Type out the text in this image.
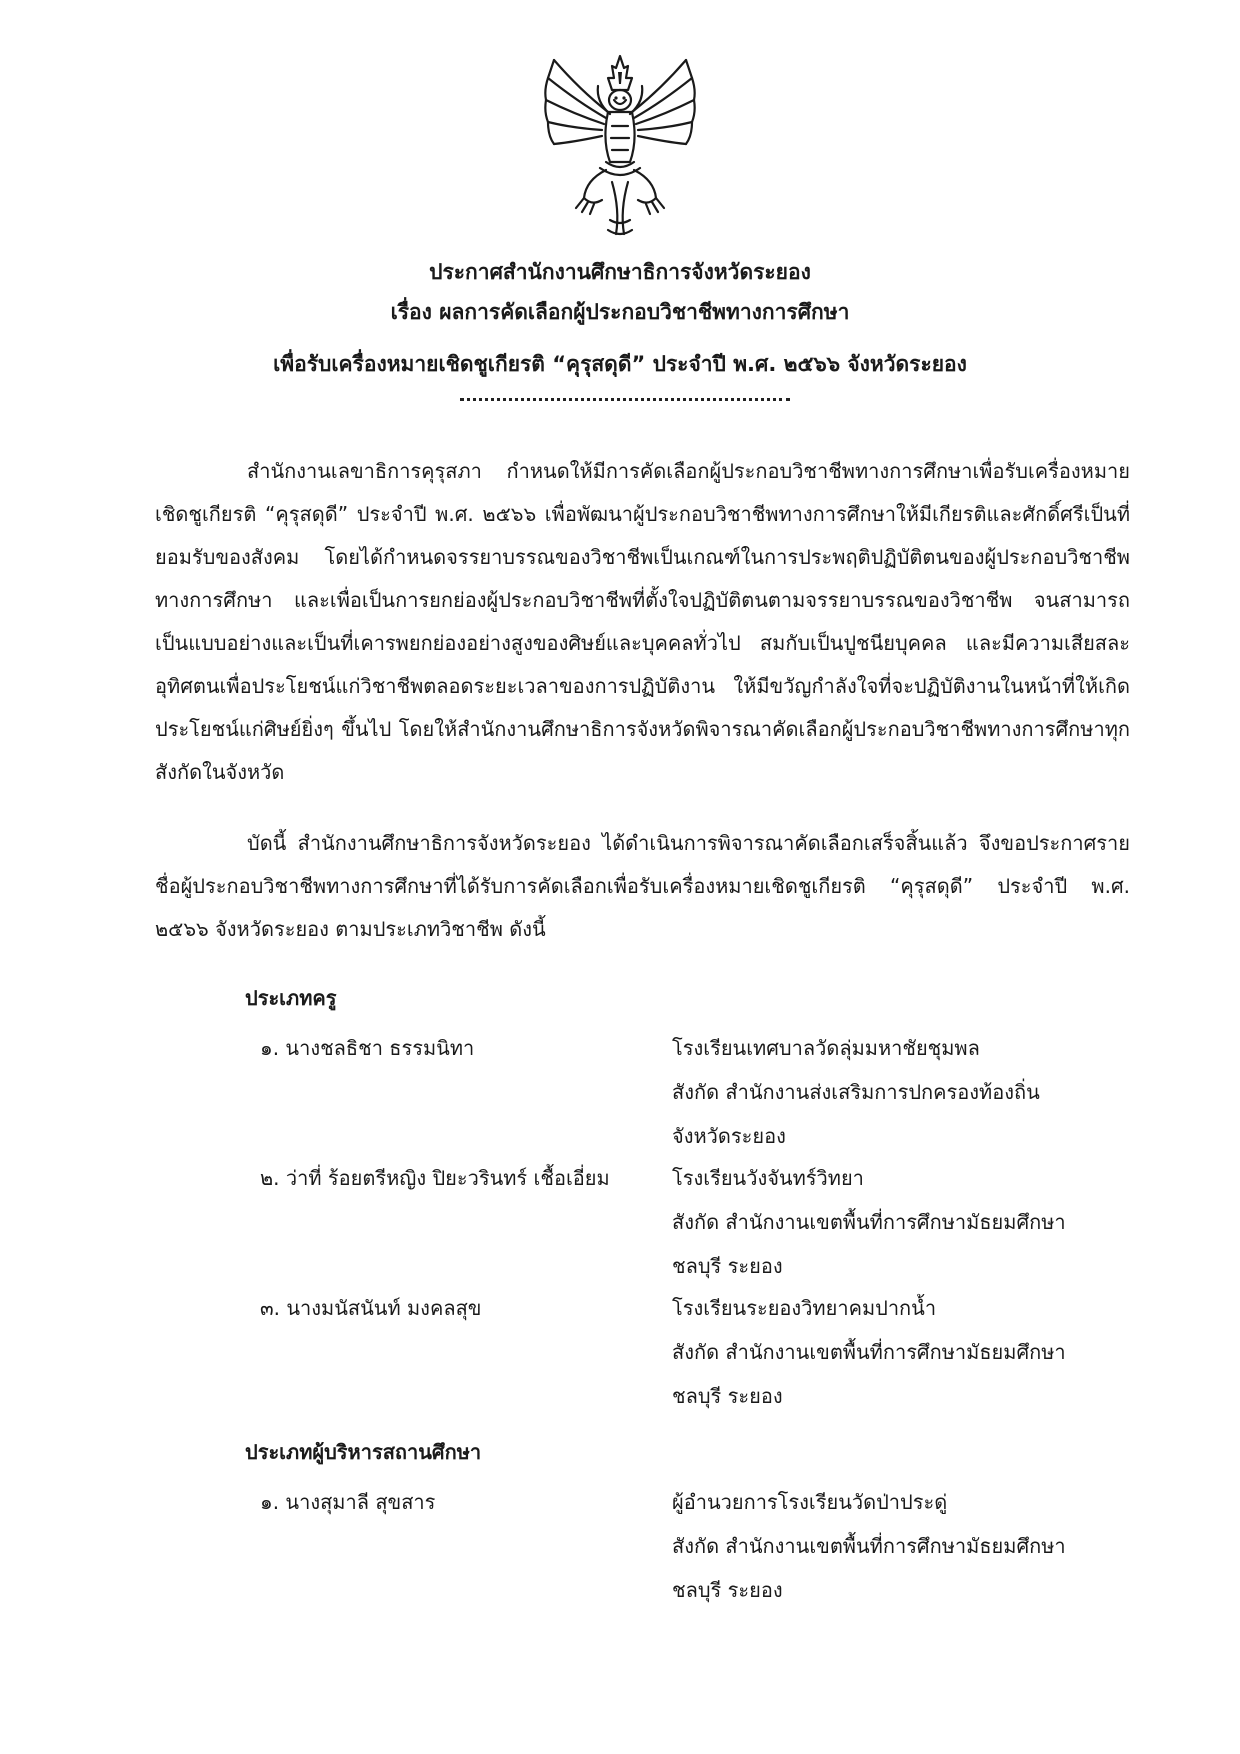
ประกาศสำนักงานศึกษาธิการจังหวัดระยอง
เรื่อง ผลการคัดเลือกผู้ประกอบวิชาชีพทางการศึกษา
เพื่อรับเครื่องหมายเชิดชูเกียรติ “คุรุสดุดี” ประจำปี พ.ศ. ๒๕๖๖ จังหวัดระยอง
สำนักงานเลขาธิการคุรุสภา กำหนดให้มีการคัดเลือกผู้ประกอบวิชาชีพทางการศึกษาเพื่อรับเครื่องหมายเชิดชูเกียรติ “คุรุสดุดี” ประจำปี พ.ศ. ๒๕๖๖ เพื่อพัฒนาผู้ประกอบวิชาชีพทางการศึกษาให้มีเกียรติและศักดิ์ศรีเป็นที่ยอมรับของสังคม โดยได้กำหนดจรรยาบรรณของวิชาชีพเป็นเกณฑ์ในการประพฤติปฏิบัติตนของผู้ประกอบวิชาชีพทางการศึกษา และเพื่อเป็นการยกย่องผู้ประกอบวิชาชีพที่ตั้งใจปฏิบัติตนตามจรรยาบรรณของวิชาชีพ จนสามารถเป็นแบบอย่างและเป็นที่เคารพยกย่องอย่างสูงของศิษย์และบุคคลทั่วไป สมกับเป็นปูชนียบุคคล และมีความเสียสละ อุทิศตนเพื่อประโยชน์แก่วิชาชีพตลอดระยะเวลาของการปฏิบัติงาน ให้มีขวัญกำลังใจที่จะปฏิบัติงานในหน้าที่ให้เกิดประโยชน์แก่ศิษย์ยิ่งๆ ขึ้นไป โดยให้สำนักงานศึกษาธิการจังหวัดพิจารณาคัดเลือกผู้ประกอบวิชาชีพทางการศึกษาทุกสังกัดในจังหวัด
บัดนี้ สำนักงานศึกษาธิการจังหวัดระยอง ได้ดำเนินการพิจารณาคัดเลือกเสร็จสิ้นแล้ว จึงขอประกาศรายชื่อผู้ประกอบวิชาชีพทางการศึกษาที่ได้รับการคัดเลือกเพื่อรับเครื่องหมายเชิดชูเกียรติ “คุรุสดุดี” ประจำปี พ.ศ. ๒๕๖๖ จังหวัดระยอง ตามประเภทวิชาชีพ ดังนี้
ประเภทครู
๑. นางชลธิชา ธรรมนิทา	โรงเรียนเทศบาลวัดลุ่มมหาชัยชุมพล
สังกัด สำนักงานส่งเสริมการปกครองท้องถิ่น
จังหวัดระยอง
๒. ว่าที่ ร้อยตรีหญิง ปิยะวรินทร์ เชื้อเอี่ยม	โรงเรียนวังจันทร์วิทยา
สังกัด สำนักงานเขตพื้นที่การศึกษามัธยมศึกษา
ชลบุรี ระยอง
๓. นางมนัสนันท์ มงคลสุข	โรงเรียนระยองวิทยาคมปากน้ำ
สังกัด สำนักงานเขตพื้นที่การศึกษามัธยมศึกษา
ชลบุรี ระยอง
ประเภทผู้บริหารสถานศึกษา
๑. นางสุมาลี สุขสาร	ผู้อำนวยการโรงเรียนวัดป่าประดู่
สังกัด สำนักงานเขตพื้นที่การศึกษามัธยมศึกษา
ชลบุรี ระยอง
